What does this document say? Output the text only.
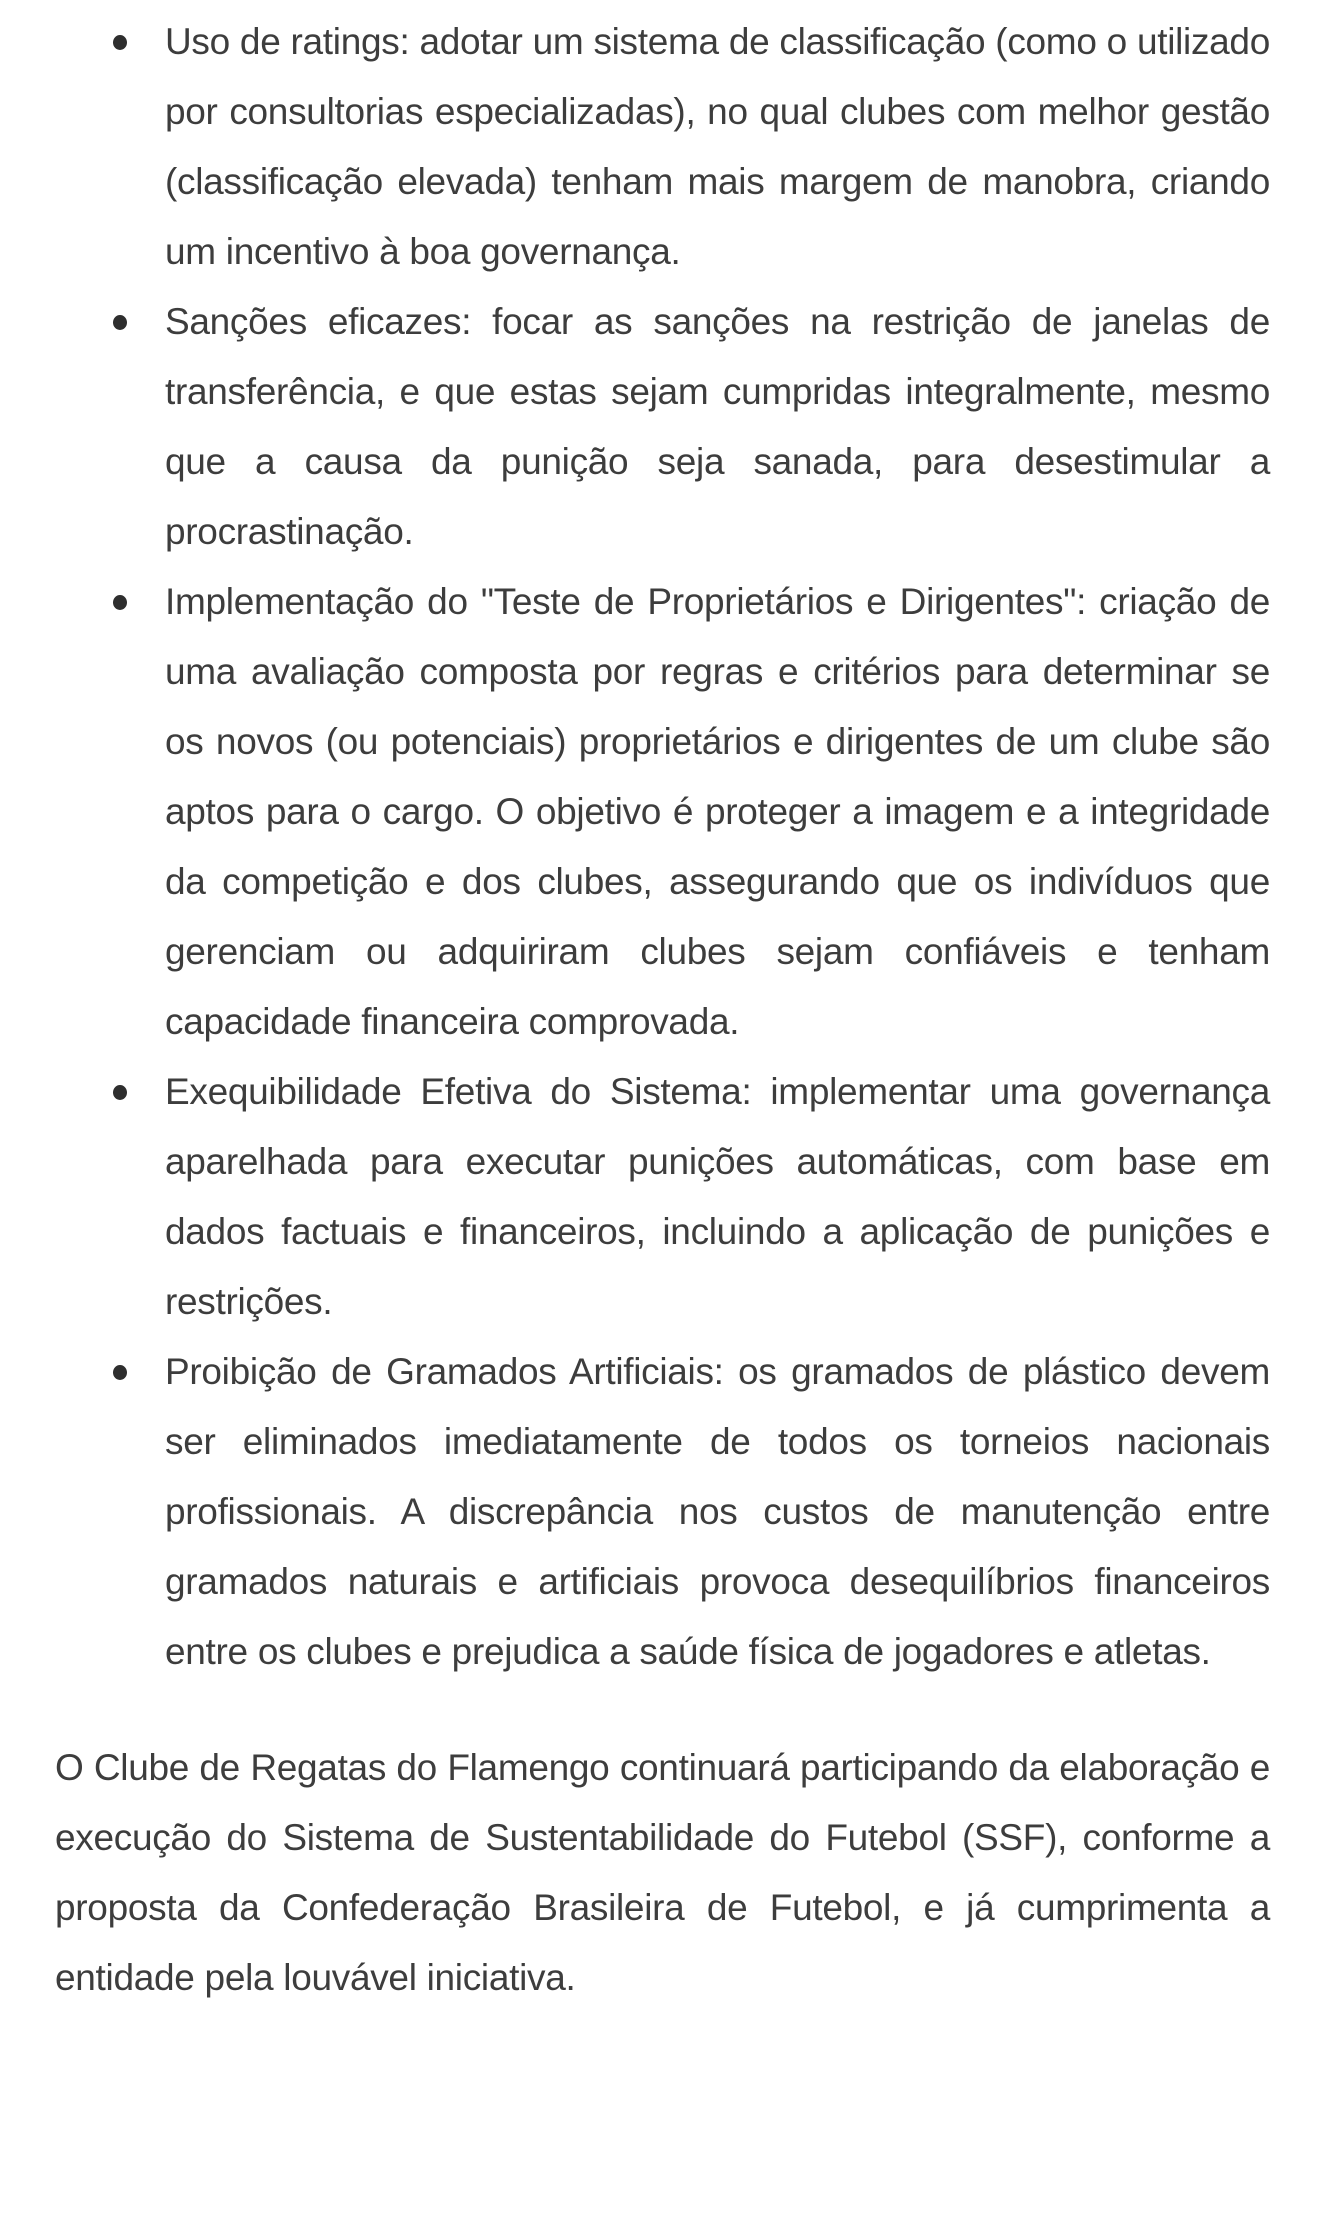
Uso de ratings: adotar um sistema de classificação (como o utilizado por consultorias especializadas), no qual clubes com melhor gestão (classificação elevada) tenham mais margem de manobra, criando um incentivo à boa governança.
Sanções eficazes: focar as sanções na restrição de janelas de transferência, e que estas sejam cumpridas integralmente, mesmo que a causa da punição seja sanada, para desestimular a procrastinação.
Implementação do "Teste de Proprietários e Dirigentes": criação de uma avaliação composta por regras e critérios para determinar se os novos (ou potenciais) proprietários e dirigentes de um clube são aptos para o cargo. O objetivo é proteger a imagem e a integridade da competição e dos clubes, assegurando que os indivíduos que gerenciam ou adquiriram clubes sejam confiáveis e tenham capacidade financeira comprovada.
Exequibilidade Efetiva do Sistema: implementar uma governança aparelhada para executar punições automáticas, com base em dados factuais e financeiros, incluindo a aplicação de punições e restrições.
Proibição de Gramados Artificiais: os gramados de plástico devem ser eliminados imediatamente de todos os torneios nacionais profissionais. A discrepância nos custos de manutenção entre gramados naturais e artificiais provoca desequilíbrios financeiros entre os clubes e prejudica a saúde física de jogadores e atletas.

O Clube de Regatas do Flamengo continuará participando da elaboração e execução do Sistema de Sustentabilidade do Futebol (SSF), conforme a proposta da Confederação Brasileira de Futebol, e já cumprimenta a entidade pela louvável iniciativa.
